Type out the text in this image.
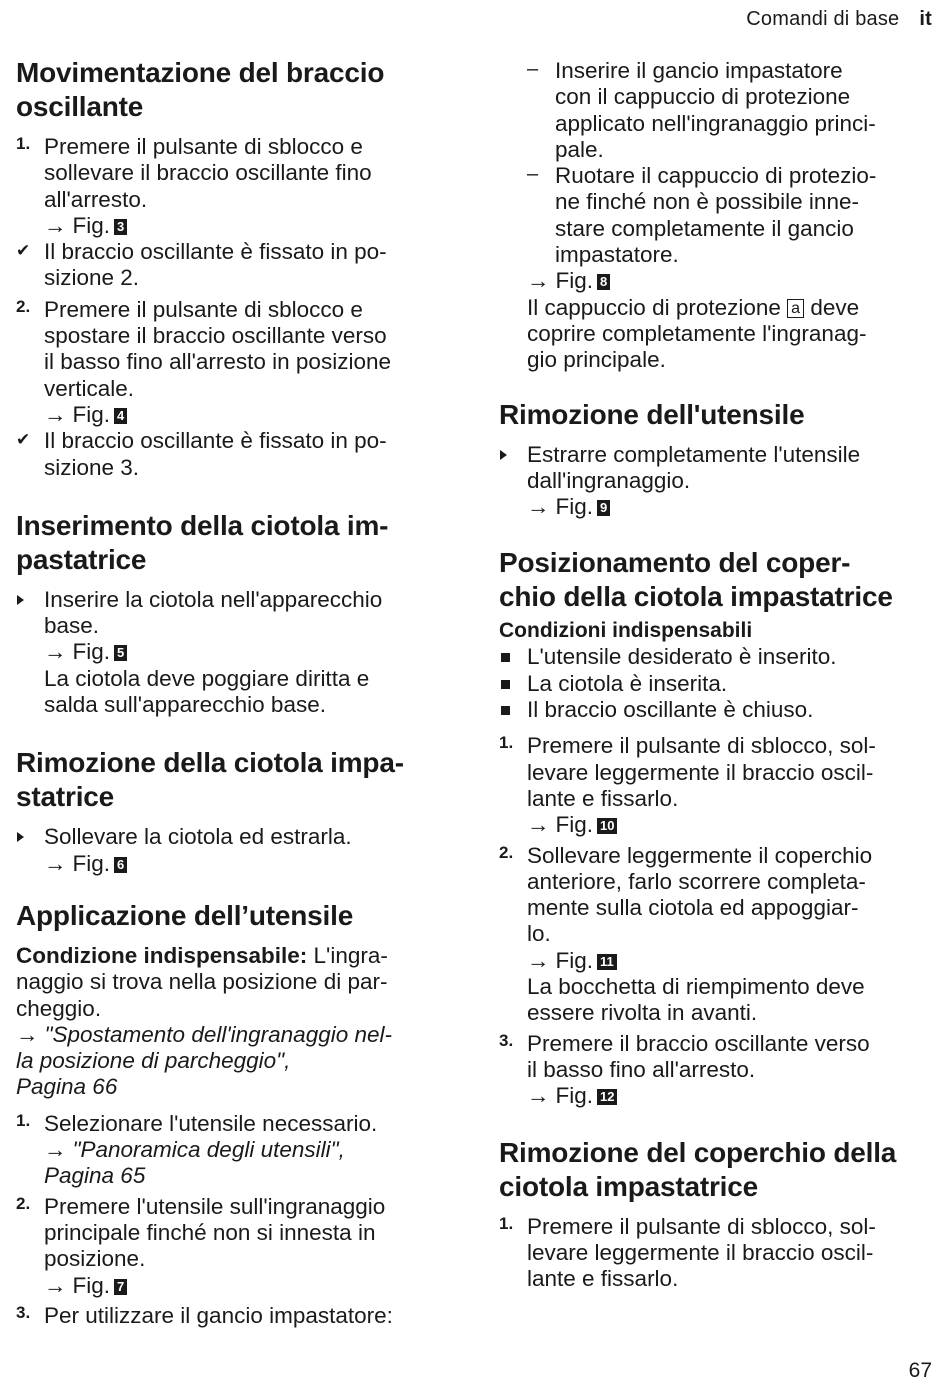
Comandi di base it
Movimentazione del braccio
oscillante
1. Premere il pulsante di sblocco e
sollevare il braccio oscillante fino
all'arresto.
→ Fig. 3
✔ Il braccio oscillante è fissato in po-
sizione 2.
2. Premere il pulsante di sblocco e
spostare il braccio oscillante verso
il basso fino all'arresto in posizione
verticale.
→ Fig. 4
✔ Il braccio oscillante è fissato in po-
sizione 3.
Inserimento della ciotola im-
pastatrice
Inserire la ciotola nell'apparecchio
base.
→ Fig. 5
La ciotola deve poggiare diritta e
salda sull'apparecchio base.
Rimozione della ciotola impa-
statrice
Sollevare la ciotola ed estrarla.
→ Fig. 6
Applicazione dell’utensile
Condizione indispensabile: L'ingra-
naggio si trova nella posizione di par-
cheggio.
→ "Spostamento dell'ingranaggio nel-
la posizione di parcheggio",
Pagina 66
1. Selezionare l'utensile necessario.
→ "Panoramica degli utensili",
Pagina 65
2. Premere l'utensile sull'ingranaggio
principale finché non si innesta in
posizione.
→ Fig. 7
3. Per utilizzare il gancio impastatore:
– Inserire il gancio impastatore
con il cappuccio di protezione
applicato nell'ingranaggio princi-
pale.
– Ruotare il cappuccio di protezio-
ne finché non è possibile inne-
stare completamente il gancio
impastatore.
→ Fig. 8
Il cappuccio di protezione a deve
coprire completamente l'ingranag-
gio principale.
Rimozione dell'utensile
Estrarre completamente l'utensile
dall'ingranaggio.
→ Fig. 9
Posizionamento del coper-
chio della ciotola impastatrice
Condizioni indispensabili
L'utensile desiderato è inserito.
La ciotola è inserita.
Il braccio oscillante è chiuso.
1. Premere il pulsante di sblocco, sol-
levare leggermente il braccio oscil-
lante e fissarlo.
→ Fig. 10
2. Sollevare leggermente il coperchio
anteriore, farlo scorrere completa-
mente sulla ciotola ed appoggiar-
lo.
→ Fig. 11
La bocchetta di riempimento deve
essere rivolta in avanti.
3. Premere il braccio oscillante verso
il basso fino all'arresto.
→ Fig. 12
Rimozione del coperchio della
ciotola impastatrice
1. Premere il pulsante di sblocco, sol-
levare leggermente il braccio oscil-
lante e fissarlo.
67
